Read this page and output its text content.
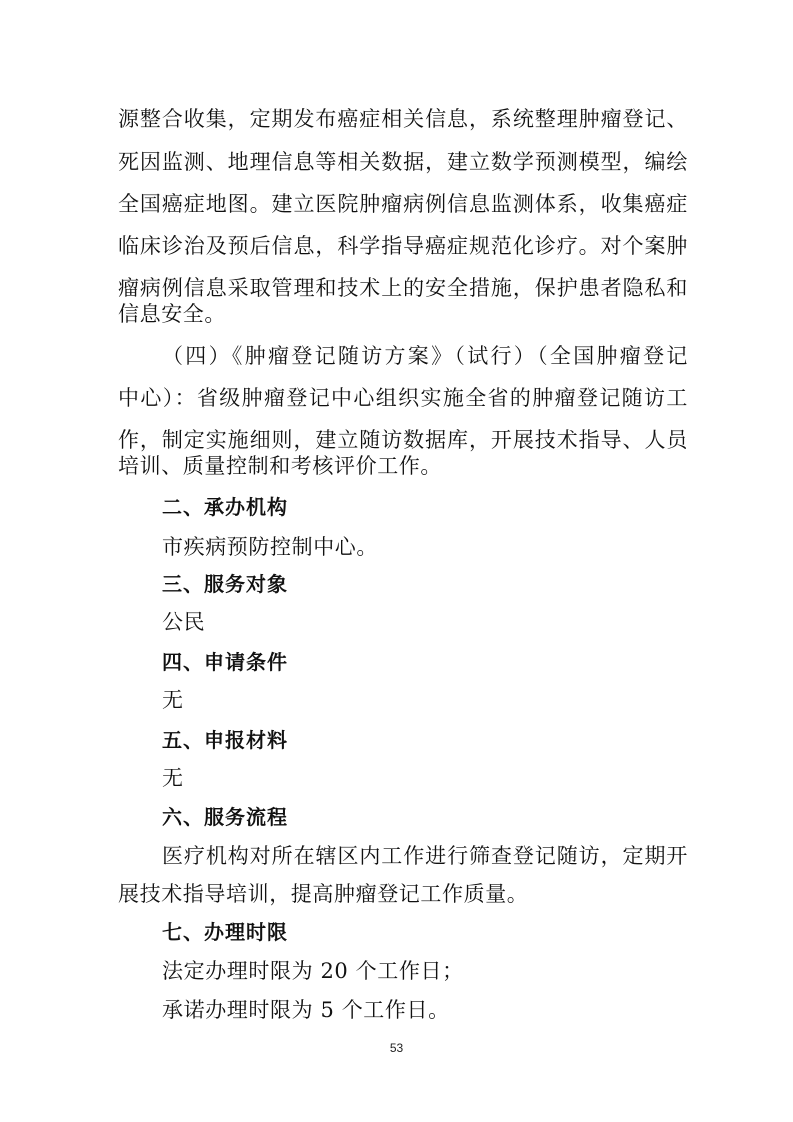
源整合收集，定期发布癌症相关信息，系统整理肿瘤登记、
死因监测、地理信息等相关数据，建立数学预测模型，编绘
全国癌症地图。建立医院肿瘤病例信息监测体系，收集癌症
临床诊治及预后信息，科学指导癌症规范化诊疗。对个案肿
瘤病例信息采取管理和技术上的安全措施，保护患者隐私和
信息安全。
（四）《肿瘤登记随访方案》（试行）（全国肿瘤登记
中心）：省级肿瘤登记中心组织实施全省的肿瘤登记随访工
作，制定实施细则，建立随访数据库，开展技术指导、人员
培训、质量控制和考核评价工作。
二、承办机构
市疾病预防控制中心。
三、服务对象
公民
四、申请条件
无
五、申报材料
无
六、服务流程
医疗机构对所在辖区内工作进行筛查登记随访，定期开
展技术指导培训，提高肿瘤登记工作质量。
七、办理时限
法定办理时限为 20 个工作日；
承诺办理时限为 5 个工作日。
53
